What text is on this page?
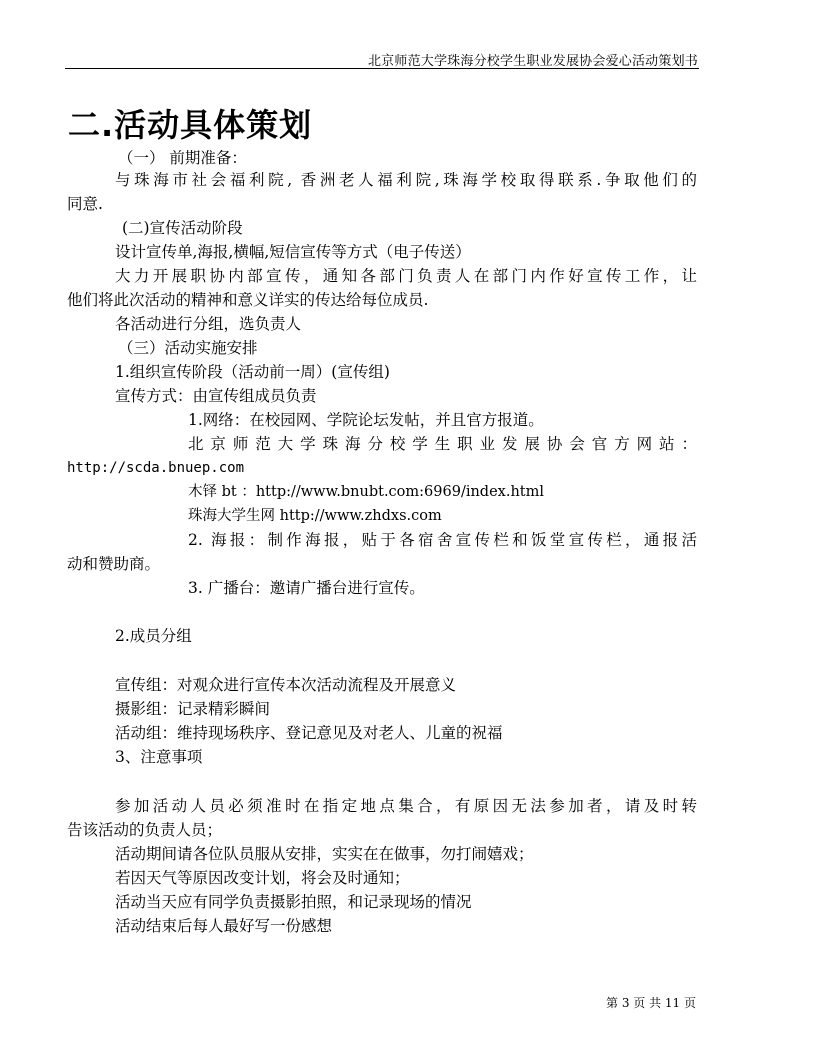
北京师范大学珠海分校学生职业发展协会爱心活动策划书
二.活动具体策划
（一） 前期准备：
与珠海市社会福利院, 香洲老人福利院,珠海学校取得联系.争取他们的
同意.
(二)宣传活动阶段
设计宣传单,海报,横幅,短信宣传等方式（电子传送）
大力开展职协内部宣传，通知各部门负责人在部门内作好宣传工作，让
他们将此次活动的精神和意义详实的传达给每位成员.
各活动进行分组，选负责人
（三）活动实施安排
1.组织宣传阶段（活动前一周）(宣传组)
宣传方式：由宣传组成员负责
1.网络：在校园网、学院论坛发帖，并且官方报道。
北京师范大学珠海分校学生职业发展协会官方网站：
http://scda.bnuep.com
木铎 bt ：http://www.bnubt.com:6969/index.html
珠海大学生网 http://www.zhdxs.com
2. 海报：制作海报，贴于各宿舍宣传栏和饭堂宣传栏，通报活
动和赞助商。
3. 广播台：邀请广播台进行宣传。
2.成员分组
宣传组：对观众进行宣传本次活动流程及开展意义
摄影组：记录精彩瞬间
活动组：维持现场秩序、登记意见及对老人、儿童的祝福
3、注意事项
参加活动人员必须准时在指定地点集合，有原因无法参加者，请及时转
告该活动的负责人员；
活动期间请各位队员服从安排，实实在在做事，勿打闹嬉戏；
若因天气等原因改变计划，将会及时通知；
活动当天应有同学负责摄影拍照，和记录现场的情况
活动结束后每人最好写一份感想
第 3 页 共 11 页
